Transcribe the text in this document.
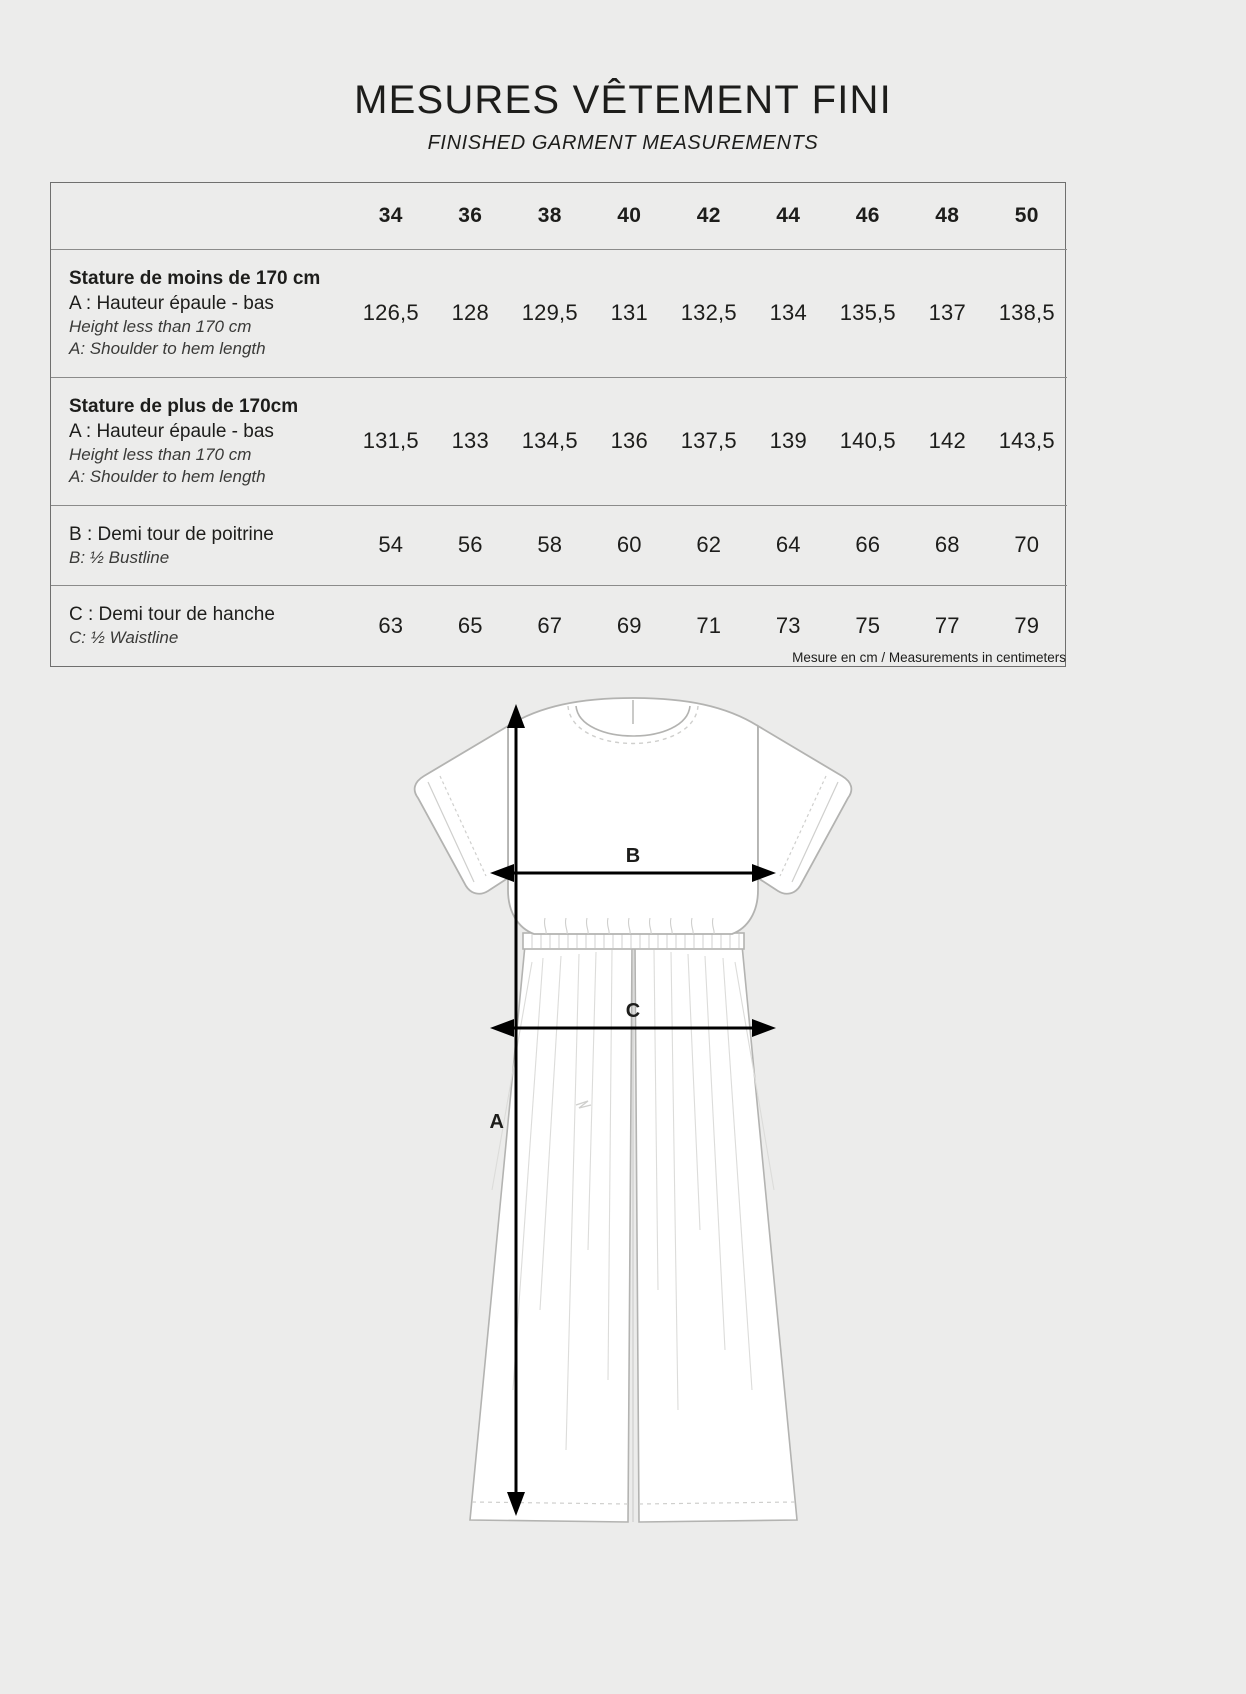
MESURES VÊTEMENT FINI

FINISHED GARMENT MEASUREMENTS

	34	36	38	40	42	44	46	48	50

Stature de moins de 170 cm
A : Hauteur épaule - bas
Height less than 170 cm
A: Shoulder to hem length	126,5	128	129,5	131	132,5	134	135,5	137	138,5

Stature de plus de 170cm
A : Hauteur épaule - bas
Height less than 170 cm
A: Shoulder to hem length	131,5	133	134,5	136	137,5	139	140,5	142	143,5

B : Demi tour de poitrine
B: ½ Bustline	54	56	58	60	62	64	66	68	70

C : Demi tour de hanche
C: ½ Waistline	63	65	67	69	71	73	75	77	79
Mesure en cm / Measurements in centimeters
A
B
C
